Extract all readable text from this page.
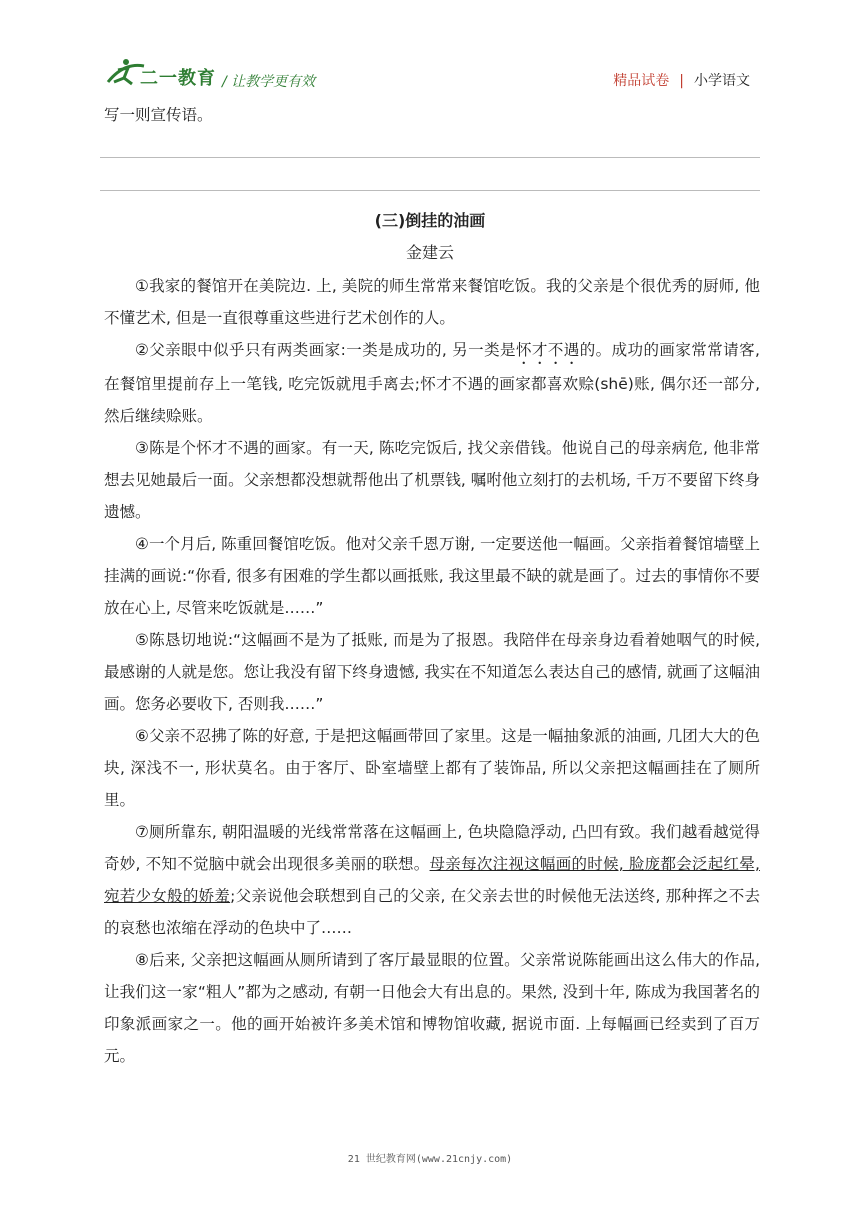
二一教育 / 让教学更有效	精品试卷 | 小学语文

写一则宣传语。

(三)倒挂的油画
金建云

①我家的餐馆开在美院边. 上, 美院的师生常常来餐馆吃饭。我的父亲是个很优秀的厨师, 他不懂艺术, 但是一直很尊重这些进行艺术创作的人。

②父亲眼中似乎只有两类画家:一类是成功的, 另一类是怀才不遇的。成功的画家常常请客, 在餐馆里提前存上一笔钱, 吃完饭就甩手离去;怀才不遇的画家都喜欢赊(shē)账, 偶尔还一部分, 然后继续赊账。

③陈是个怀才不遇的画家。有一天, 陈吃完饭后, 找父亲借钱。他说自己的母亲病危, 他非常想去见她最后一面。父亲想都没想就帮他出了机票钱, 嘱咐他立刻打的去机场, 千万不要留下终身遗憾。

④一个月后, 陈重回餐馆吃饭。他对父亲千恩万谢, 一定要送他一幅画。父亲指着餐馆墙壁上挂满的画说:“你看, 很多有困难的学生都以画抵账, 我这里最不缺的就是画了。过去的事情你不要放在心上, 尽管来吃饭就是……”

⑤陈恳切地说:“这幅画不是为了抵账, 而是为了报恩。我陪伴在母亲身边看着她咽气的时候, 最感谢的人就是您。您让我没有留下终身遗憾, 我实在不知道怎么表达自己的感情, 就画了这幅油画。您务必要收下, 否则我……”

⑥父亲不忍拂了陈的好意, 于是把这幅画带回了家里。这是一幅抽象派的油画, 几团大大的色块, 深浅不一, 形状莫名。由于客厅、卧室墙壁上都有了装饰品, 所以父亲把这幅画挂在了厕所里。

⑦厕所靠东, 朝阳温暖的光线常常落在这幅画上, 色块隐隐浮动, 凸凹有致。我们越看越觉得奇妙, 不知不觉脑中就会出现很多美丽的联想。母亲每次注视这幅画的时候, 脸庞都会泛起红晕, 宛若少女般的娇羞;父亲说他会联想到自己的父亲, 在父亲去世的时候他无法送终, 那种挥之不去的哀愁也浓缩在浮动的色块中了……

⑧后来, 父亲把这幅画从厕所请到了客厅最显眼的位置。父亲常说陈能画出这么伟大的作品, 让我们这一家“粗人”都为之感动, 有朝一日他会大有出息的。果然, 没到十年, 陈成为我国著名的印象派画家之一。他的画开始被许多美术馆和博物馆收藏, 据说市面. 上每幅画已经卖到了百万元。

21 世纪教育网(www.21cnjy.com)
